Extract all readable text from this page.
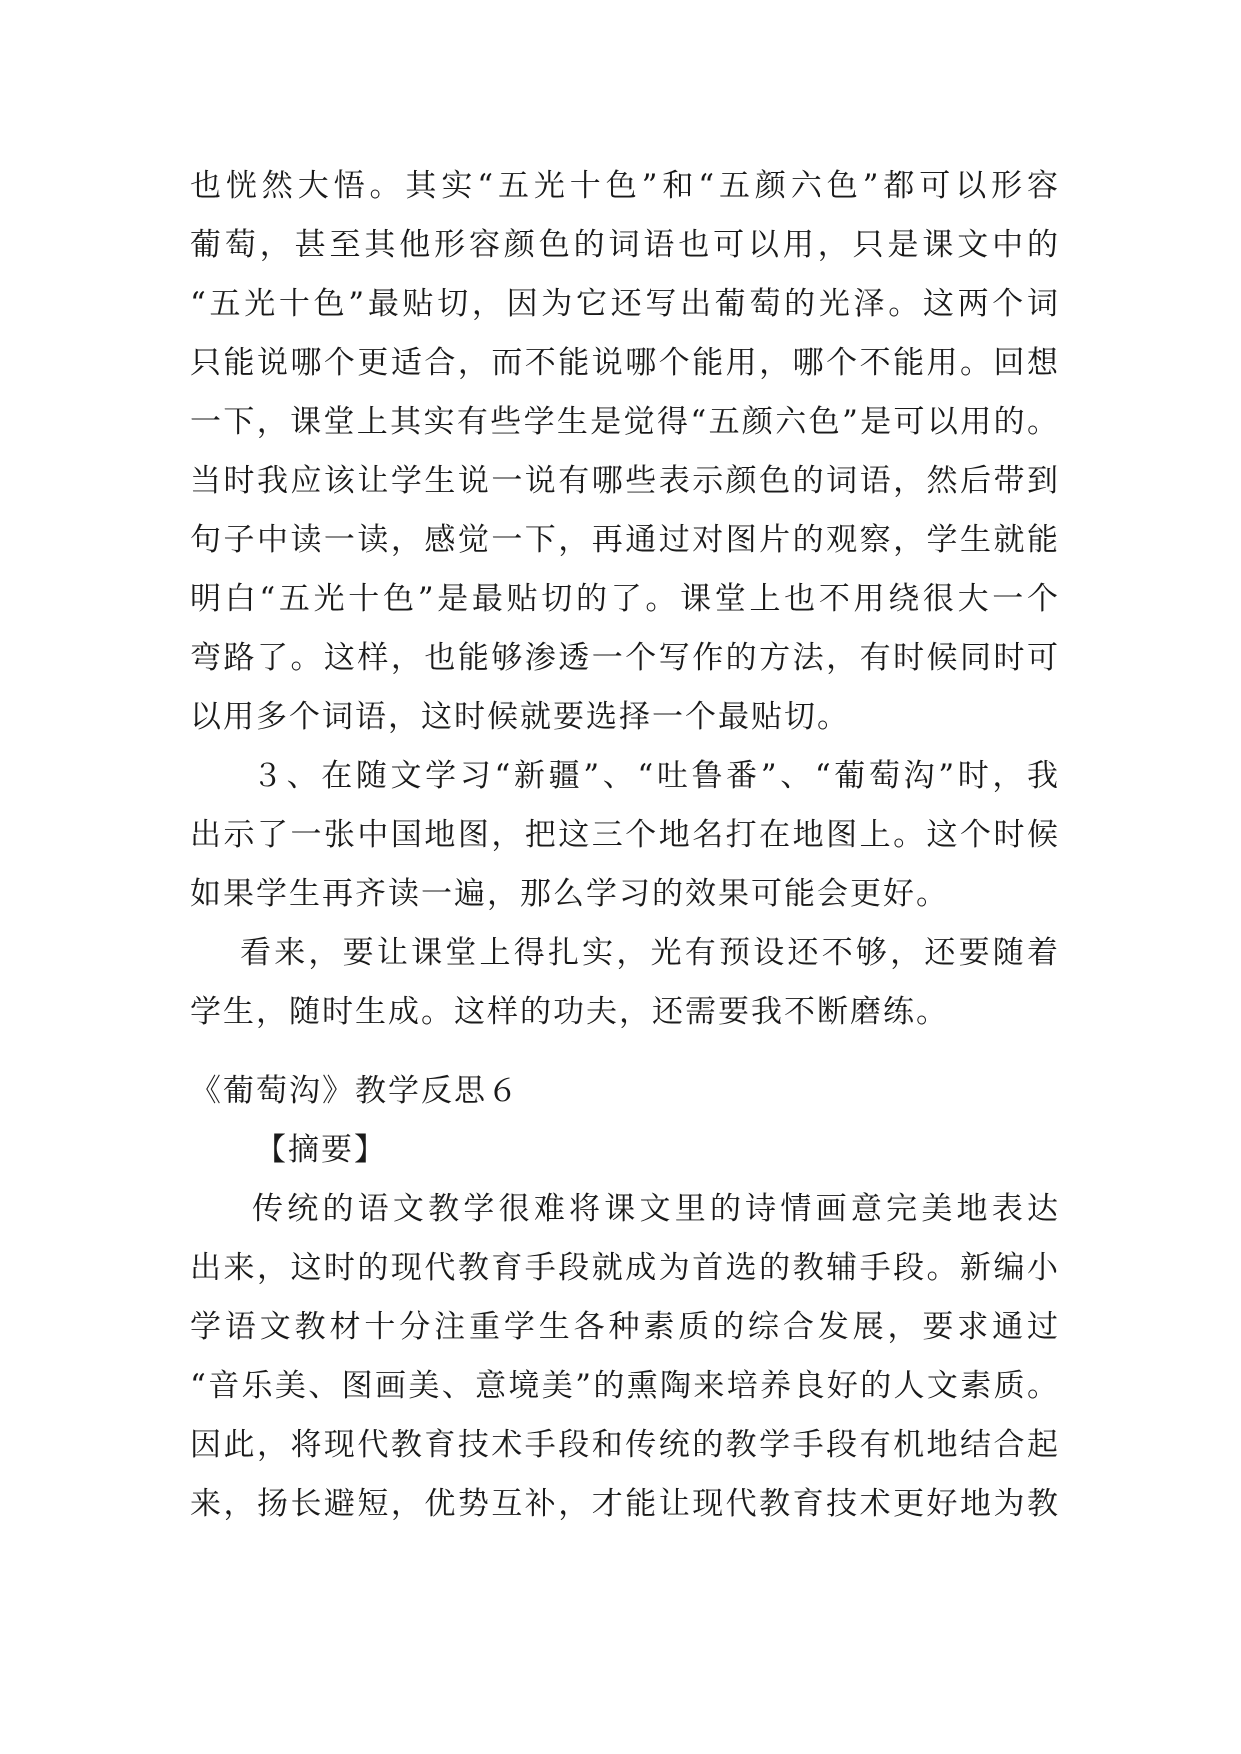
也恍然大悟。其实“五光十色”和“五颜六色”都可以形容
葡萄，甚至其他形容颜色的词语也可以用，只是课文中的
“五光十色”最贴切，因为它还写出葡萄的光泽。这两个词
只能说哪个更适合，而不能说哪个能用，哪个不能用。回想
一下，课堂上其实有些学生是觉得“五颜六色”是可以用的。
当时我应该让学生说一说有哪些表示颜色的词语，然后带到
句子中读一读，感觉一下，再通过对图片的观察，学生就能
明白“五光十色”是最贴切的了。课堂上也不用绕很大一个
弯路了。这样，也能够渗透一个写作的方法，有时候同时可
以用多个词语，这时候就要选择一个最贴切。
３、在随文学习“新疆”、“吐鲁番”、“葡萄沟”时，我
出示了一张中国地图，把这三个地名打在地图上。这个时候
如果学生再齐读一遍，那么学习的效果可能会更好。
看来，要让课堂上得扎实，光有预设还不够，还要随着
学生，随时生成。这样的功夫，还需要我不断磨练。
《葡萄沟》教学反思６
【摘要】
传统的语文教学很难将课文里的诗情画意完美地表达
出来，这时的现代教育手段就成为首选的教辅手段。新编小
学语文教材十分注重学生各种素质的综合发展，要求通过
“音乐美、图画美、意境美”的熏陶来培养良好的人文素质。
因此，将现代教育技术手段和传统的教学手段有机地结合起
来，扬长避短，优势互补，才能让现代教育技术更好地为教
